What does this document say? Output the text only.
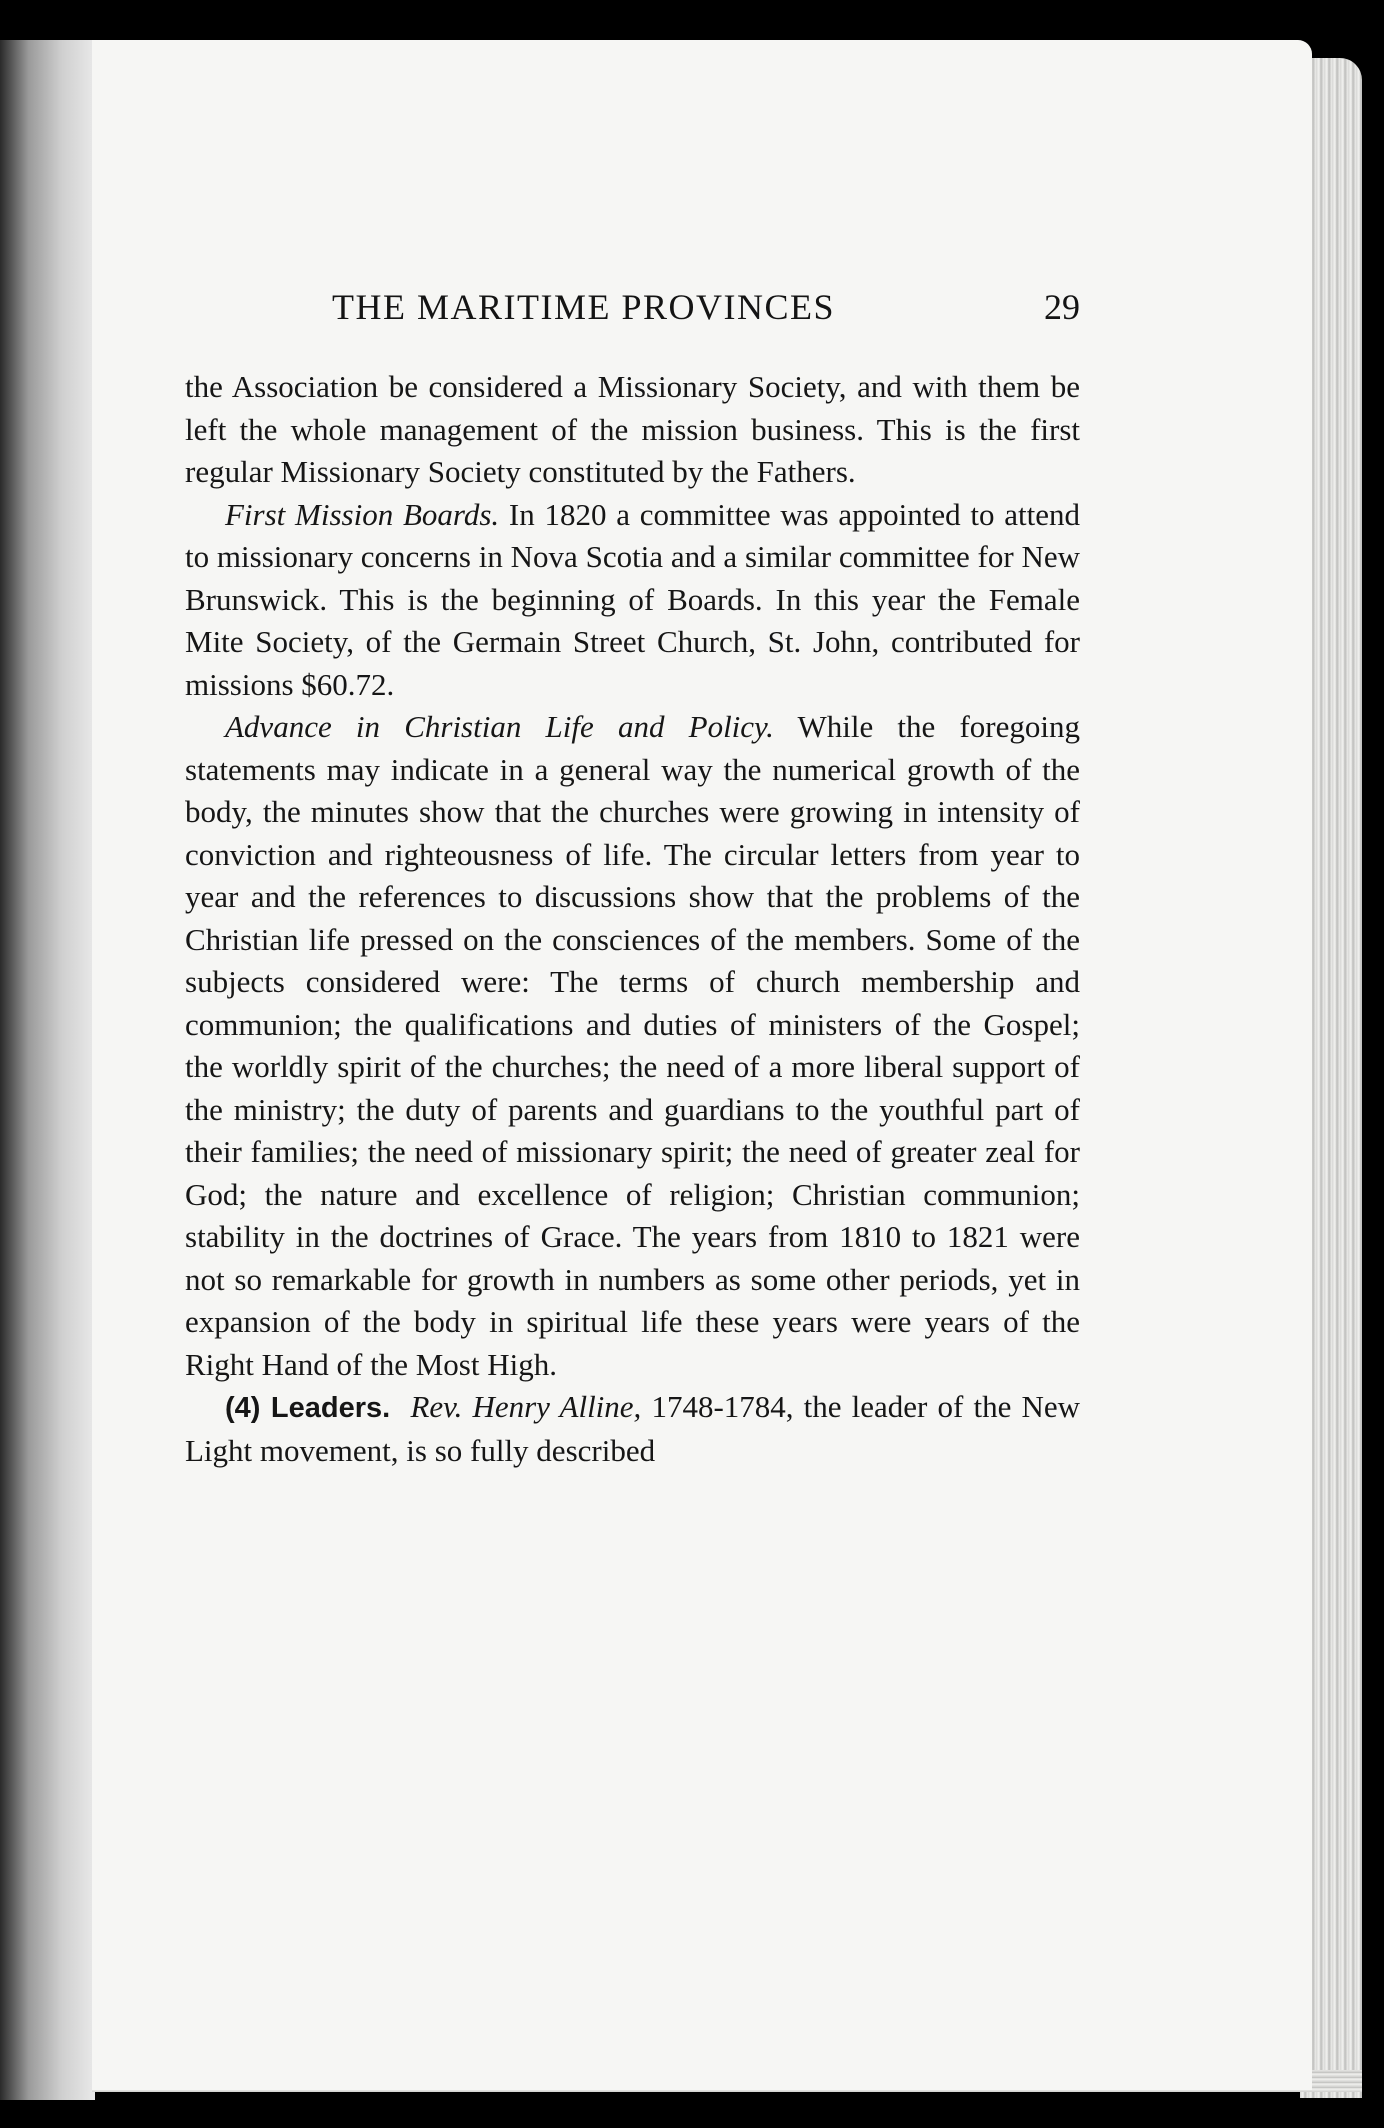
THE MARITIME PROVINCES	29

the Association be considered a Missionary Society, and with them be left the whole management of the mission business. This is the first regular Missionary Society constituted by the Fathers.

First Mission Boards. In 1820 a committee was appointed to attend to missionary concerns in Nova Scotia and a similar committee for New Brunswick. This is the beginning of Boards. In this year the Female Mite Society, of the Germain Street Church, St. John, contributed for missions $60.72.

Advance in Christian Life and Policy. While the foregoing statements may indicate in a general way the numerical growth of the body, the minutes show that the churches were growing in intensity of conviction and righteousness of life. The circular letters from year to year and the references to discussions show that the problems of the Christian life pressed on the consciences of the members. Some of the subjects considered were: The terms of church membership and communion; the qualifications and duties of ministers of the Gospel; the worldly spirit of the churches; the need of a more liberal support of the ministry; the duty of parents and guardians to the youthful part of their families; the need of missionary spirit; the need of greater zeal for God; the nature and excellence of religion; Christian communion; stability in the doctrines of Grace. The years from 1810 to 1821 were not so remarkable for growth in numbers as some other periods, yet in expansion of the body in spiritual life these years were years of the Right Hand of the Most High.

(4) Leaders. Rev. Henry Alline, 1748-1784, the leader of the New Light movement, is so fully described
